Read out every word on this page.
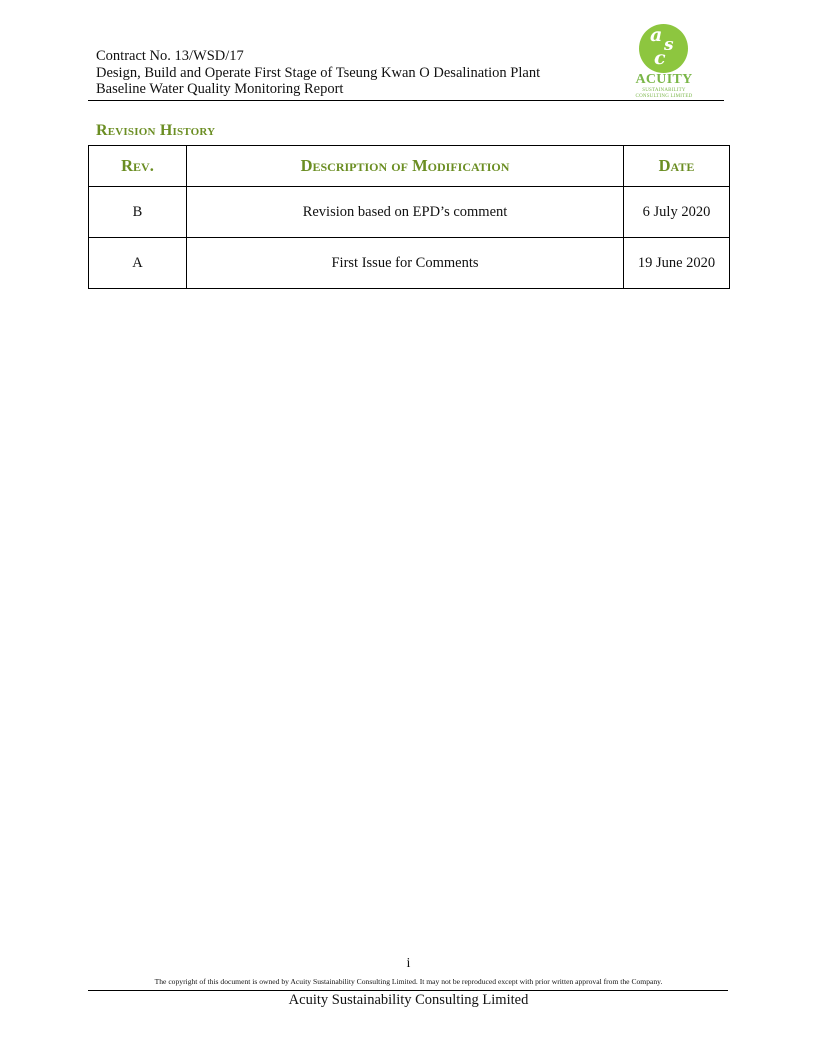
Contract No. 13/WSD/17
Design, Build and Operate First Stage of Tseung Kwan O Desalination Plant
Baseline Water Quality Monitoring Report
a s
c
ACUITY
SUSTAINABILITY
CONSULTING LIMITED
Revision History
Rev.	Description of Modification	Date
B	Revision based on EPD’s comment	6 July 2020
A	First Issue for Comments	19 June 2020
i
The copyright of this document is owned by Acuity Sustainability Consulting Limited. It may not be reproduced except with prior written approval from the Company.
Acuity Sustainability Consulting Limited
